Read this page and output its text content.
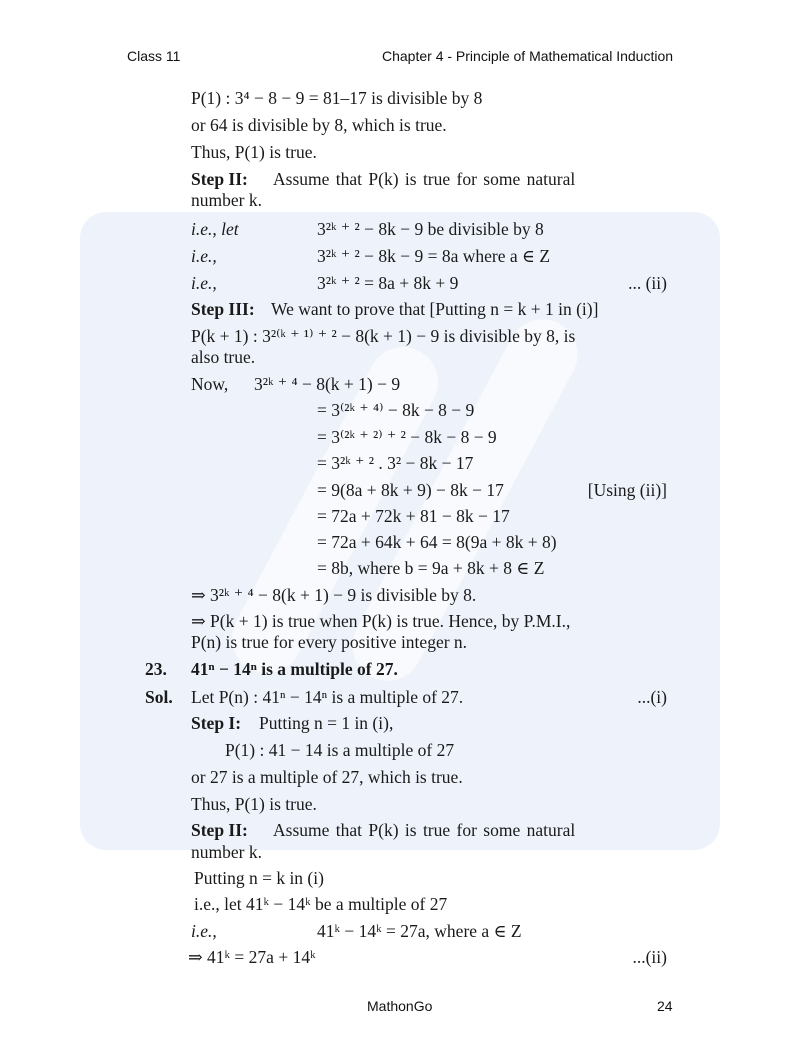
Class 11	Chapter 4 - Principle of Mathematical Induction
P(1) : 3⁴ − 8 − 9 = 81–17 is divisible by 8
or 64 is divisible by 8, which is true.
Thus, P(1) is true.
Step II: Assume that P(k) is true for some natural
number k.
i.e., let	3²ᵏ ⁺ ² − 8k − 9 be divisible by 8
i.e.,	3²ᵏ ⁺ ² − 8k − 9 = 8a where a ∈ Z
i.e.,	3²ᵏ ⁺ ² = 8a + 8k + 9	... (ii)
Step III: We want to prove that [Putting n = k + 1 in (i)]
P(k + 1) : 3²⁽ᵏ ⁺ ¹⁾ ⁺ ² − 8(k + 1) − 9 is divisible by 8, is
also true.
Now, 3²ᵏ ⁺ ⁴ − 8(k + 1) − 9
= 3⁽²ᵏ ⁺ ⁴⁾ − 8k − 8 − 9
= 3⁽²ᵏ ⁺ ²⁾ ⁺ ² − 8k − 8 − 9
= 3²ᵏ ⁺ ² . 3² − 8k − 17
= 9(8a + 8k + 9) − 8k − 17	[Using (ii)]
= 72a + 72k + 81 − 8k − 17
= 72a + 64k + 64 = 8(9a + 8k + 8)
= 8b, where b = 9a + 8k + 8 ∈ Z
⇒ 3²ᵏ ⁺ ⁴ − 8(k + 1) − 9 is divisible by 8.
⇒ P(k + 1) is true when P(k) is true. Hence, by P.M.I.,
P(n) is true for every positive integer n.
23. 41ⁿ − 14ⁿ is a multiple of 27.
Sol. Let P(n) : 41ⁿ − 14ⁿ is a multiple of 27.	...(i)
Step I: Putting n = 1 in (i),
P(1) : 41 − 14 is a multiple of 27
or 27 is a multiple of 27, which is true.
Thus, P(1) is true.
Step II: Assume that P(k) is true for some natural
number k.
Putting n = k in (i)
i.e., let 41ᵏ − 14ᵏ be a multiple of 27
i.e.,	41ᵏ − 14ᵏ = 27a, where a ∈ Z
⇒ 41ᵏ = 27a + 14ᵏ	...(ii)
MathonGo	24
